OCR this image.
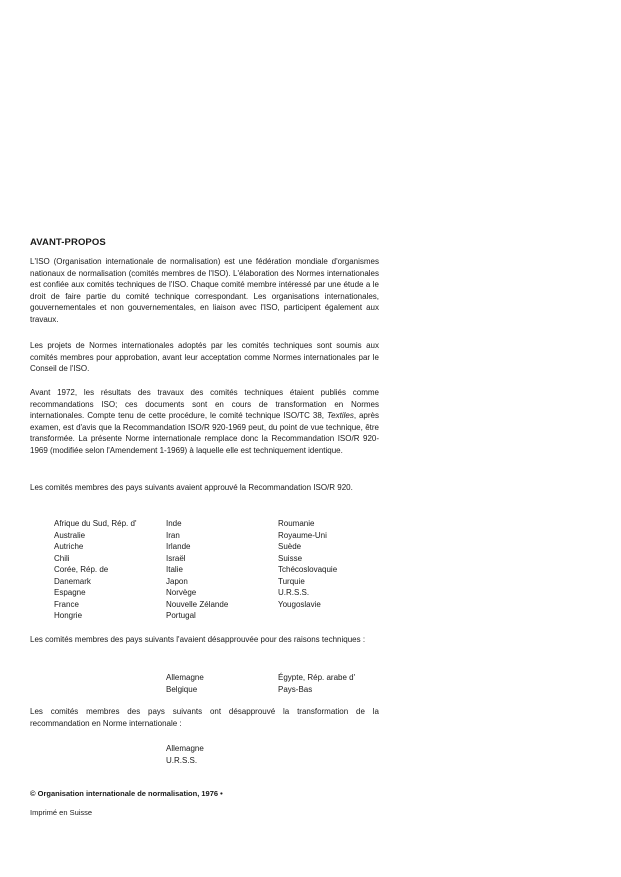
AVANT-PROPOS

L'ISO (Organisation internationale de normalisation) est une fédération mondiale d'organismes nationaux de normalisation (comités membres de l'ISO). L'élaboration des Normes internationales est confiée aux comités techniques de l'ISO. Chaque comité membre intéressé par une étude a le droit de faire partie du comité technique correspondant. Les organisations internationales, gouvernementales et non gouvernementales, en liaison avec l'ISO, participent également aux travaux.

Les projets de Normes internationales adoptés par les comités techniques sont soumis aux comités membres pour approbation, avant leur acceptation comme Normes internationales par le Conseil de l'ISO.

Avant 1972, les résultats des travaux des comités techniques étaient publiés comme recommandations ISO; ces documents sont en cours de transformation en Normes internationales. Compte tenu de cette procédure, le comité technique ISO/TC 38, Textiles, après examen, est d'avis que la Recommandation ISO/R 920-1969 peut, du point de vue technique, être transformée. La présente Norme internationale remplace donc la Recommandation ISO/R 920-1969 (modifiée selon l'Amendement 1-1969) à laquelle elle est techniquement identique.

Les comités membres des pays suivants avaient approuvé la Recommandation ISO/R 920.

Afrique du Sud, Rép. d'
Australie
Autriche
Chili
Corée, Rép. de
Danemark
Espagne
France
Hongrie
Inde
Iran
Irlande
Israël
Italie
Japon
Norvège
Nouvelle Zélande
Portugal
Roumanie
Royaume-Uni
Suède
Suisse
Tchécoslovaquie
Turquie
U.R.S.S.
Yougoslavie

Les comités membres des pays suivants l'avaient désapprouvée pour des raisons techniques :

Allemagne
Belgique
Égypte, Rép. arabe d'
Pays-Bas

Les comités membres des pays suivants ont désapprouvé la transformation de la recommandation en Norme internationale :

Allemagne
U.R.S.S.
© Organisation internationale de normalisation, 1976 •
Imprimé en Suisse
